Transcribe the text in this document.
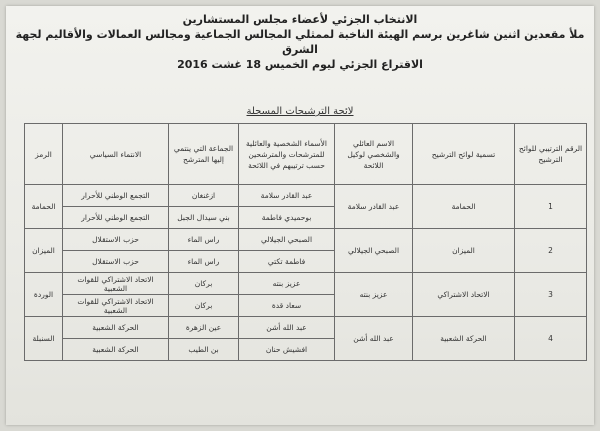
الانتخاب الجزئي لأعضاء مجلس المستشارين
ملأ مقعدين اثنين شاغرين برسم الهيئة الناخبة لممثلي المجالس الجماعية ومجالس العمالات والأقاليم لجهة الشرق
الاقتراع الجزئي ليوم الخميس 18 غشت 2016
لائحة الترشيحات المسجلة
الرقم الترتيبي للوائح الترشيح	تسمية لوائح الترشيح	الاسم العائلي والشخصي لوكيل اللائحة	الأسماء الشخصية والعائلية للمترشحات والمترشحين حسب ترتيبهم في اللائحة	الجماعة التي ينتمي إليها المترشح	الانتماء السياسي	الرمز
1	الحمامة	عبد القادر سلامة	عبد القادر سلامة	ازغنغان	التجمع الوطني للأحرار	الحمامة
			بوحميدي فاطمة	بني سيدال الجبل	التجمع الوطني للأحرار	
2	الميزان	الصبحي الجيلالي	الصبحي الجيلالي	راس الماء	حزب الاستقلال	الميزان
			فاطمة تكتي	راس الماء	حزب الاستقلال	
3	الاتحاد الاشتراكي	عزيز بنته	عزيز بنته	بركان	الاتحاد الاشتراكي للقوات الشعبية	الوردة
			سعاد قدة	بركان	الاتحاد الاشتراكي للقوات الشعبية	
4	الحركة الشعبية	عبد الله أشن	عبد الله أشن	عين الزهرة	الحركة الشعبية	السنبلة
			افشيش حنان	بن الطيب	الحركة الشعبية	
